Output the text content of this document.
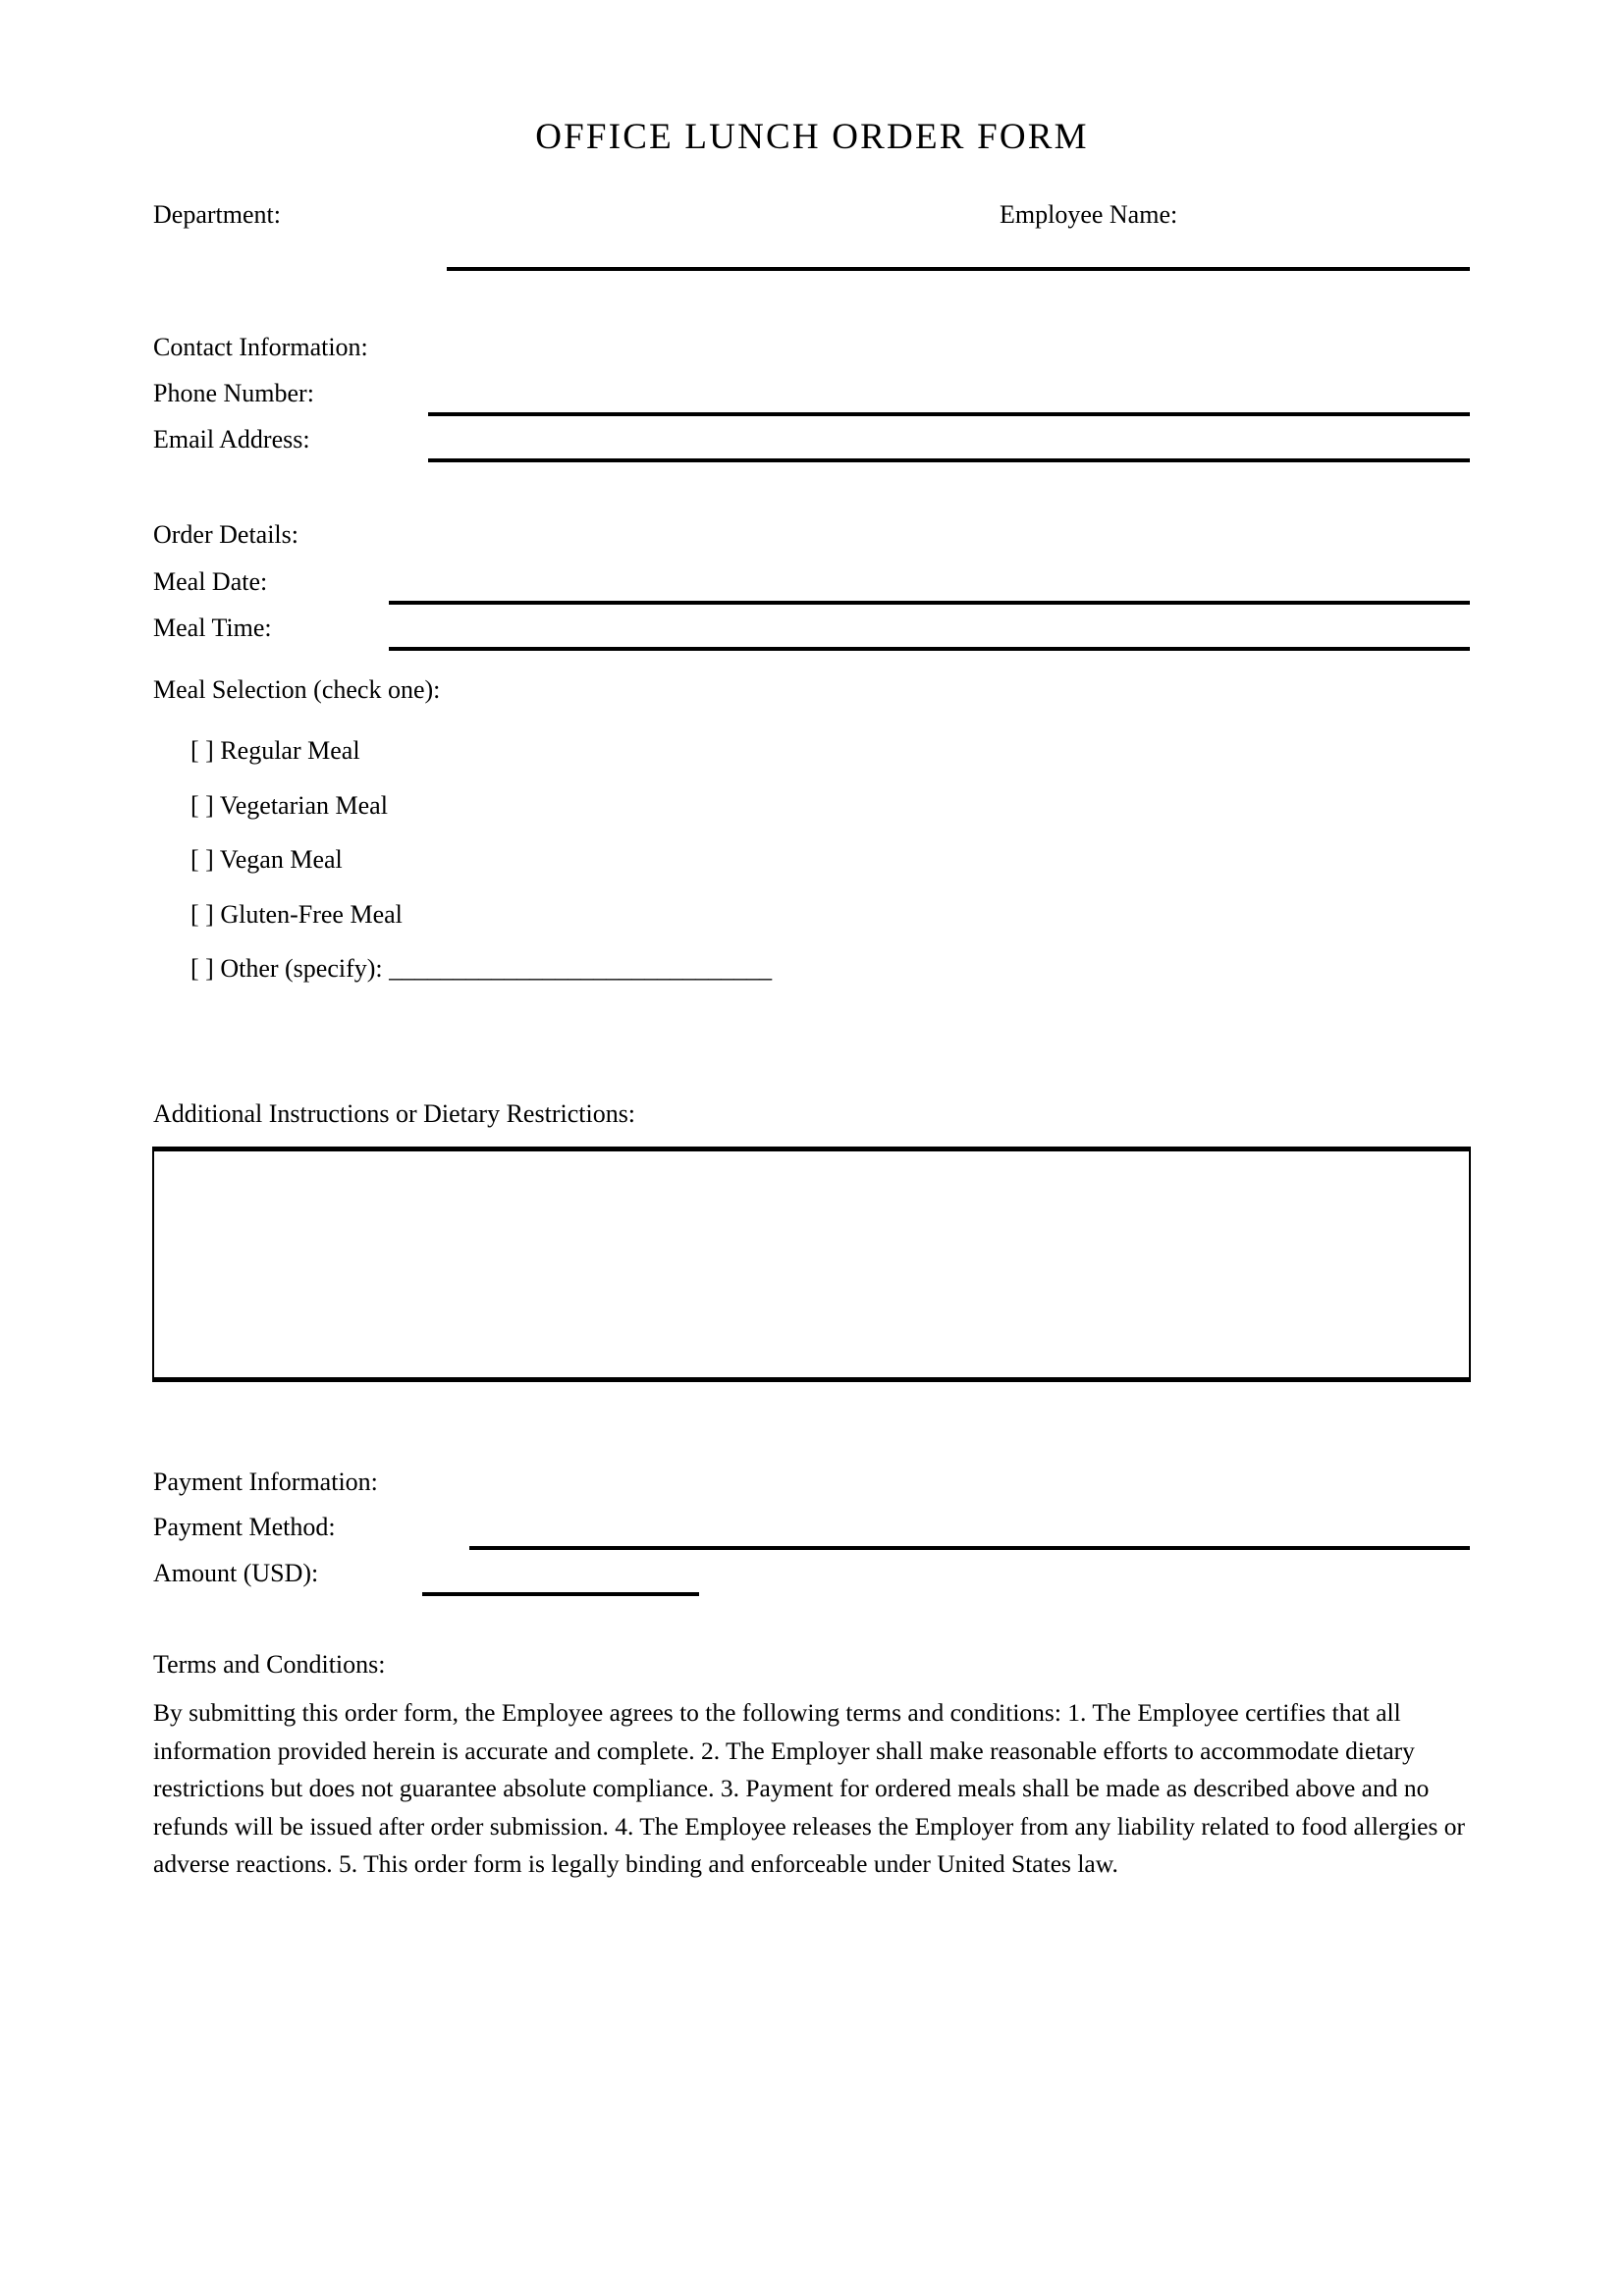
OFFICE LUNCH ORDER FORM
Department:	Employee Name:
Contact Information:
Phone Number:
Email Address:
Order Details:
Meal Date:
Meal Time:
Meal Selection (check one):
[ ] Regular Meal
[ ] Vegetarian Meal
[ ] Vegan Meal
[ ] Gluten-Free Meal
[ ] Other (specify): ______________________________
Additional Instructions or Dietary Restrictions:
Payment Information:
Payment Method:
Amount (USD):
Terms and Conditions:
By submitting this order form, the Employee agrees to the following terms and conditions: 1. The Employee certifies that all information provided herein is accurate and complete. 2. The Employer shall make reasonable efforts to accommodate dietary restrictions but does not guarantee absolute compliance. 3. Payment for ordered meals shall be made as described above and no refunds will be issued after order submission. 4. The Employee releases the Employer from any liability related to food allergies or adverse reactions. 5. This order form is legally binding and enforceable under United States law.
